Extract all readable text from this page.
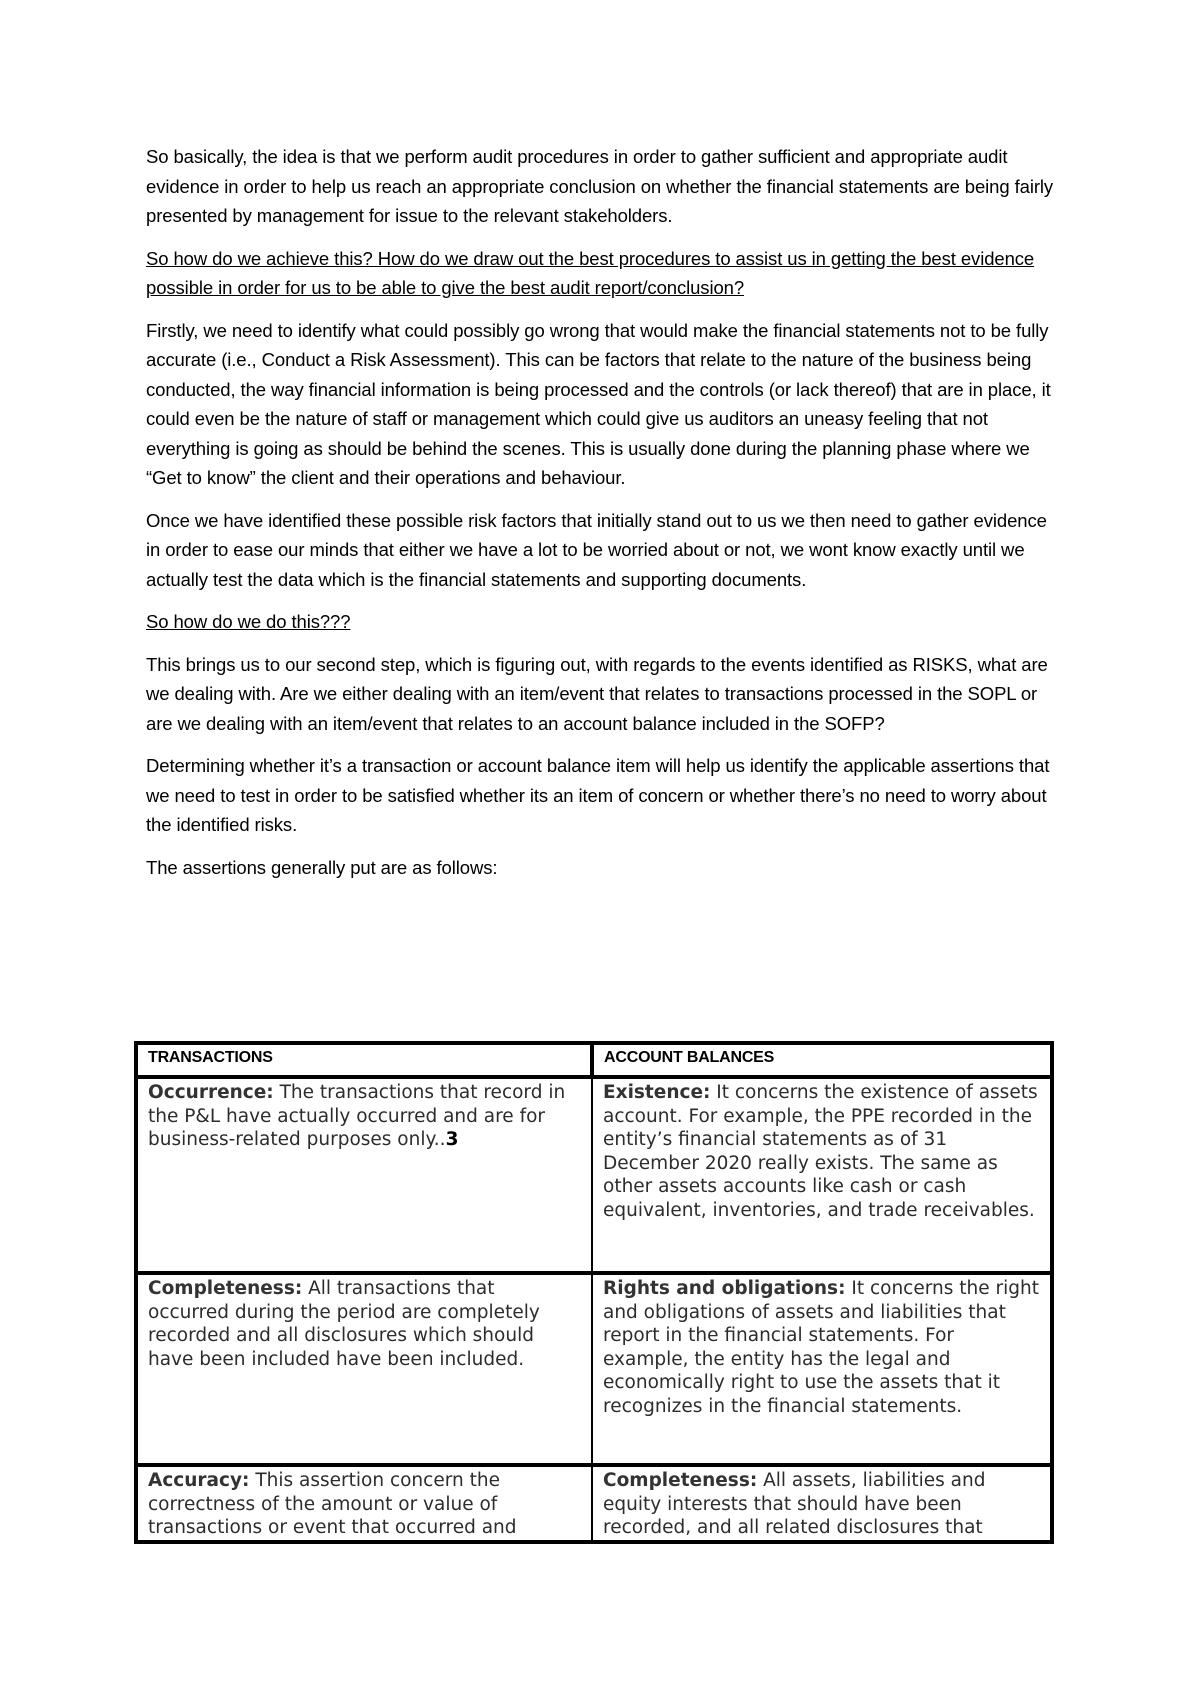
So basically, the idea is that we perform audit procedures in order to gather sufficient and appropriate audit evidence in order to help us reach an appropriate conclusion on whether the financial statements are being fairly presented by management for issue to the relevant stakeholders.

So how do we achieve this? How do we draw out the best procedures to assist us in getting the best evidence possible in order for us to be able to give the best audit report/conclusion?

Firstly, we need to identify what could possibly go wrong that would make the financial statements not to be fully accurate (i.e., Conduct a Risk Assessment). This can be factors that relate to the nature of the business being conducted, the way financial information is being processed and the controls (or lack thereof) that are in place, it could even be the nature of staff or management which could give us auditors an uneasy feeling that not everything is going as should be behind the scenes. This is usually done during the planning phase where we “Get to know” the client and their operations and behaviour.

Once we have identified these possible risk factors that initially stand out to us we then need to gather evidence in order to ease our minds that either we have a lot to be worried about or not, we wont know exactly until we actually test the data which is the financial statements and supporting documents.

So how do we do this???

This brings us to our second step, which is figuring out, with regards to the events identified as RISKS, what are we dealing with. Are we either dealing with an item/event that relates to transactions processed in the SOPL or are we dealing with an item/event that relates to an account balance included in the SOFP?

Determining whether it’s a transaction or account balance item will help us identify the applicable assertions that we need to test in order to be satisfied whether its an item of concern or whether there’s no need to worry about the identified risks.

The assertions generally put are as follows:

TRANSACTIONS	ACCOUNT BALANCES
Occurrence: The transactions that record in the P&L have actually occurred and are for business-related purposes only..3	Existence: It concerns the existence of assets account. For example, the PPE recorded in the entity’s financial statements as of 31 December 2020 really exists. The same as other assets accounts like cash or cash equivalent, inventories, and trade receivables.
Completeness: All transactions that occurred during the period are completely recorded and all disclosures which should have been included have been included.	Rights and obligations: It concerns the right and obligations of assets and liabilities that report in the financial statements. For example, the entity has the legal and economically right to use the assets that it recognizes in the financial statements.
Accuracy: This assertion concern the correctness of the amount or value of transactions or event that occurred and	Completeness: All assets, liabilities and equity interests that should have been recorded, and all related disclosures that
